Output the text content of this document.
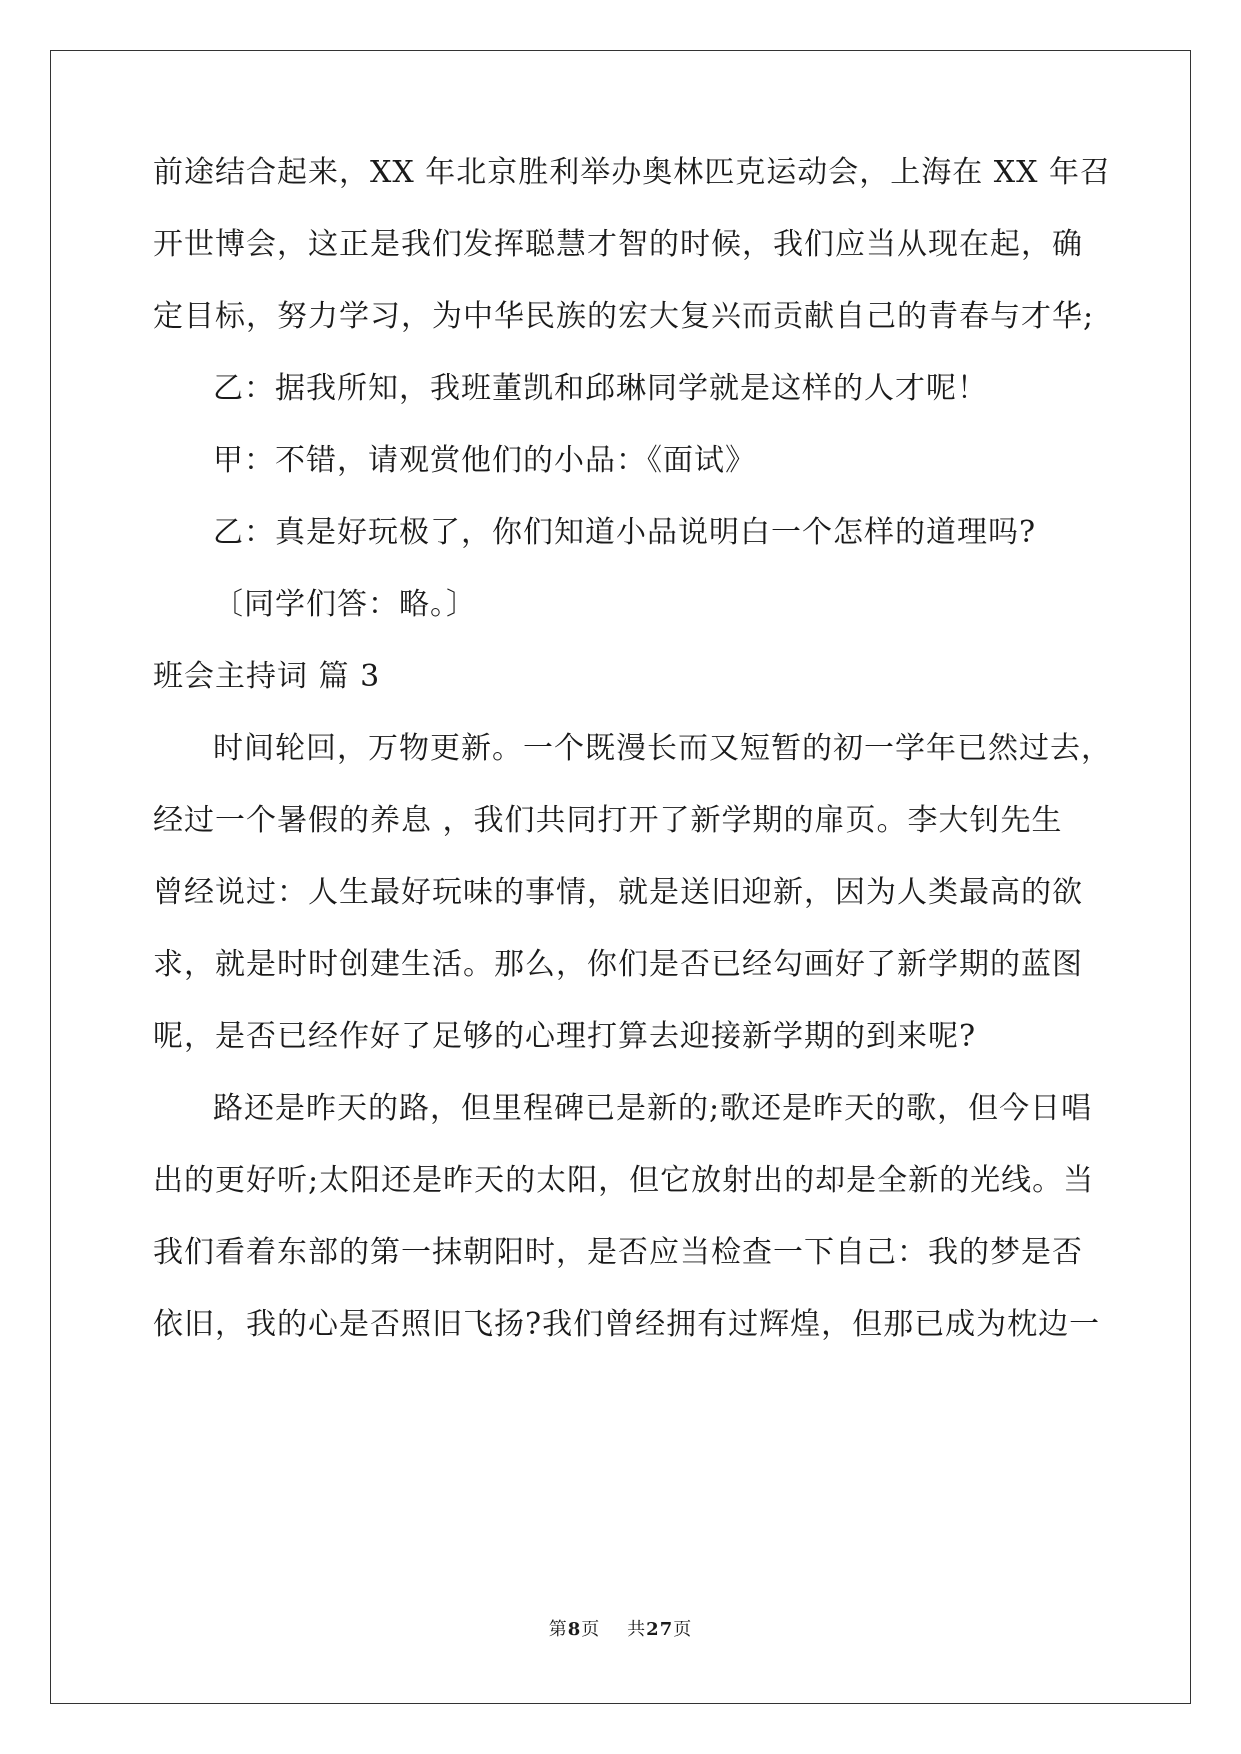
前途结合起来，XX 年北京胜利举办奥林匹克运动会，上海在 XX 年召
开世博会，这正是我们发挥聪慧才智的时候，我们应当从现在起，确
定目标，努力学习，为中华民族的宏大复兴而贡献自己的青春与才华;
乙：据我所知，我班董凯和邱琳同学就是这样的人才呢！
甲：不错，请观赏他们的小品：《面试》
乙：真是好玩极了，你们知道小品说明白一个怎样的道理吗?
〔同学们答：略。〕
班会主持词 篇 3
时间轮回，万物更新。一个既漫长而又短暂的初一学年已然过去，
经过一个暑假的养息 ，我们共同打开了新学期的扉页。李大钊先生
曾经说过：人生最好玩味的事情，就是送旧迎新，因为人类最高的欲
求，就是时时创建生活。那么，你们是否已经勾画好了新学期的蓝图
呢，是否已经作好了足够的心理打算去迎接新学期的到来呢?
路还是昨天的路，但里程碑已是新的;歌还是昨天的歌，但今日唱
出的更好听;太阳还是昨天的太阳，但它放射出的却是全新的光线。当
我们看着东部的第一抹朝阳时，是否应当检查一下自己：我的梦是否
依旧，我的心是否照旧飞扬?我们曾经拥有过辉煌，但那已成为枕边一
第8页 共27页
